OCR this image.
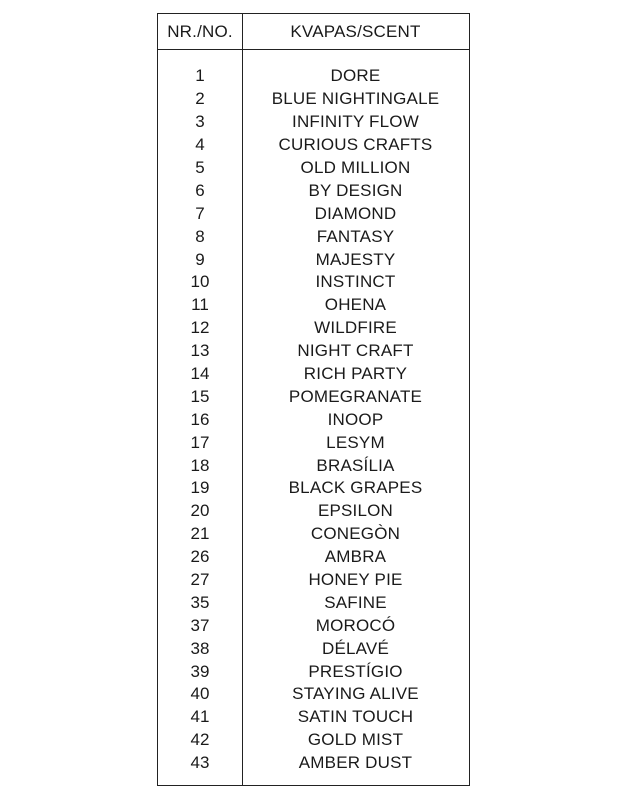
NR./NO.	KVAPAS/SCENT
1	DORE
2	BLUE NIGHTINGALE
3	INFINITY FLOW
4	CURIOUS CRAFTS
5	OLD MILLION
6	BY DESIGN
7	DIAMOND
8	FANTASY
9	MAJESTY
10	INSTINCT
11	OHENA
12	WILDFIRE
13	NIGHT CRAFT
14	RICH PARTY
15	POMEGRANATE
16	INOOP
17	LESYM
18	BRASÍLIA
19	BLACK GRAPES
20	EPSILON
21	CONEGÒN
26	AMBRA
27	HONEY PIE
35	SAFINE
37	MOROCÓ
38	DÉLAVÉ
39	PRESTÍGIO
40	STAYING ALIVE
41	SATIN TOUCH
42	GOLD MIST
43	AMBER DUST
